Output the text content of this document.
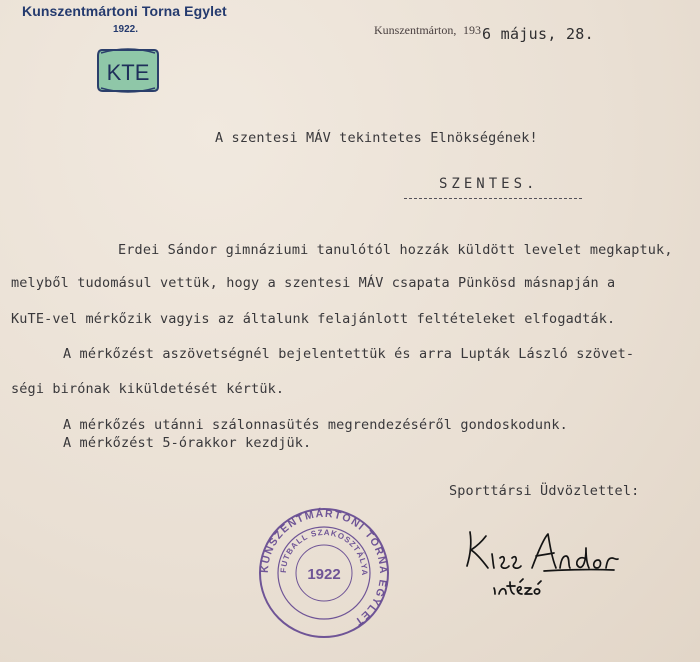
Kunszentmártoni Torna Egylet
1922.
KTE
Kunszentmárton, 193 6 május, 28.
A szentesi MÁV tekintetes Elnökségének!
SZENTES.
Erdei Sándor gimnáziumi tanulótól hozzák küldött levelet megkaptuk,
melyből tudomásul vettük, hogy a szentesi MÁV csapata Pünkösd másnapján a
KuTE-vel mérkőzik vagyis az általunk felajánlott feltételeket elfogadták.
A mérkőzést aszövetségnél bejelentettük és arra Lupták László szövet-
ségi birónak kiküldetését kértük.
A mérkőzés utánni szálonnasütés megrendezéséről gondoskodunk.
A mérkőzést 5-órakkor kezdjük.
Sporttársi Üdvözlettel:
KUNSZENTMÁRTONI TORNA EGYLET
FUTBALL SZAKOSZTÁLYA
1922
